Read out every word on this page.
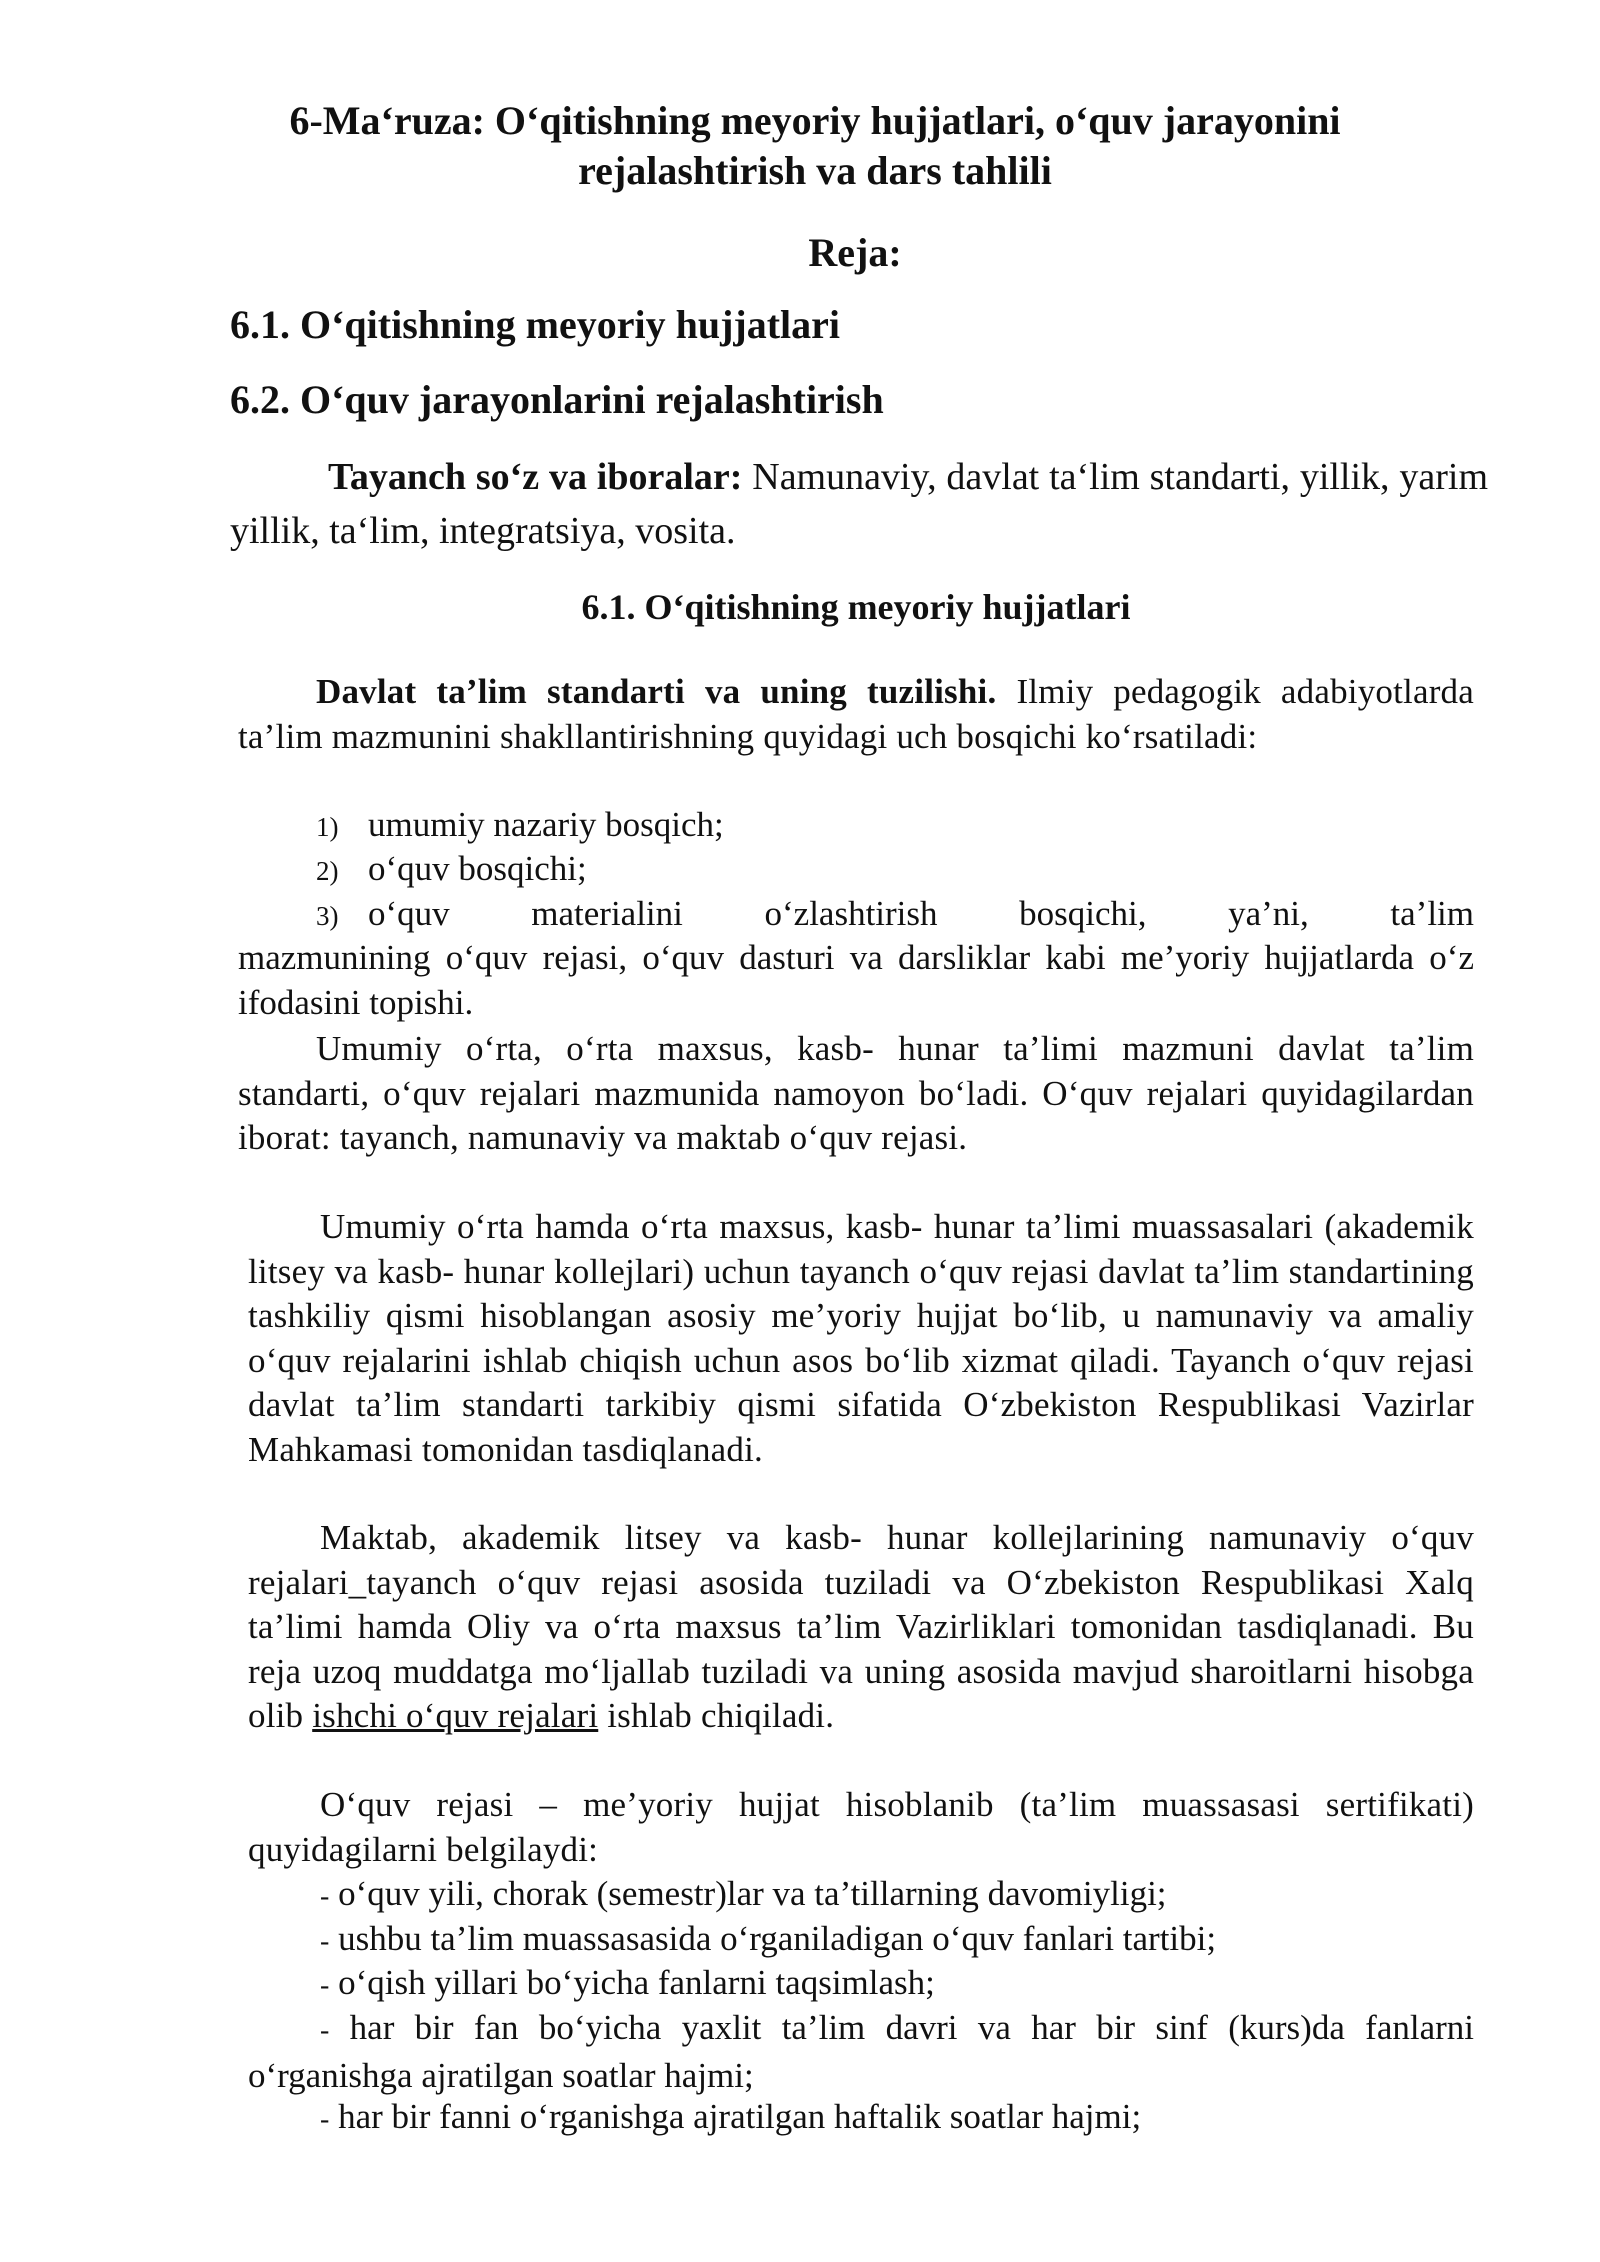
6-Ma‘ruza: O‘qitishning meyoriy hujjatlari, o‘quv jarayonini rejalashtirish va dars tahlili
Reja:
6.1. O‘qitishning meyoriy hujjatlari
6.2. O‘quv jarayonlarini rejalashtirish
Tayanch so‘z va iboralar: Namunaviy, davlat ta‘lim standarti, yillik, yarim yillik, ta‘lim, integratsiya, vosita.
6.1. O‘qitishning meyoriy hujjatlari
Davlat ta’lim standarti va uning tuzilishi. Ilmiy pedagogik adabiyotlarda ta’lim mazmunini shakllantirishning quyidagi uch bosqichi ko‘rsatiladi:
1) umumiy nazariy bosqich;
2) o‘quv bosqichi;
3) o‘quv materialini o‘zlashtirish bosqichi, ya’ni, ta’lim
mazmunining o‘quv rejasi, o‘quv dasturi va darsliklar kabi me’yoriy hujjatlarda o‘z ifodasini topishi.
Umumiy o‘rta, o‘rta maxsus, kasb- hunar ta’limi mazmuni davlat ta’lim standarti, o‘quv rejalari mazmunida namoyon bo‘ladi. O‘quv rejalari quyidagilardan iborat: tayanch, namunaviy va maktab o‘quv rejasi.
Umumiy o‘rta hamda o‘rta maxsus, kasb- hunar ta’limi muassasalari (akademik litsey va kasb- hunar kollejlari) uchun tayanch o‘quv rejasi davlat ta’lim standartining tashkiliy qismi hisoblangan asosiy me’yoriy hujjat bo‘lib, u namunaviy va amaliy o‘quv rejalarini ishlab chiqish uchun asos bo‘lib xizmat qiladi. Tayanch o‘quv rejasi davlat ta’lim standarti tarkibiy qismi sifatida O‘zbekiston Respublikasi Vazirlar Mahkamasi tomonidan tasdiqlanadi.
Maktab, akademik litsey va kasb- hunar kollejlarining namunaviy o‘quv rejalari_tayanch o‘quv rejasi asosida tuziladi va O‘zbekiston Respublikasi Xalq ta’limi hamda Oliy va o‘rta maxsus ta’lim Vazirliklari tomonidan tasdiqlanadi. Bu reja uzoq muddatga mo‘ljallab tuziladi va uning asosida mavjud sharoitlarni hisobga olib ishchi o‘quv rejalari ishlab chiqiladi.
O‘quv rejasi – me’yoriy hujjat hisoblanib (ta’lim muassasasi sertifikati) quyidagilarni belgilaydi:
- o‘quv yili, chorak (semestr)lar va ta’tillarning davomiyligi;
- ushbu ta’lim muassasasida o‘rganiladigan o‘quv fanlari tartibi;
- o‘qish yillari bo‘yicha fanlarni taqsimlash;
- har bir fan bo‘yicha yaxlit ta’lim davri va har bir sinf (kurs)da fanlarni o‘rganishga ajratilgan soatlar hajmi;
- har bir fanni o‘rganishga ajratilgan haftalik soatlar hajmi;
